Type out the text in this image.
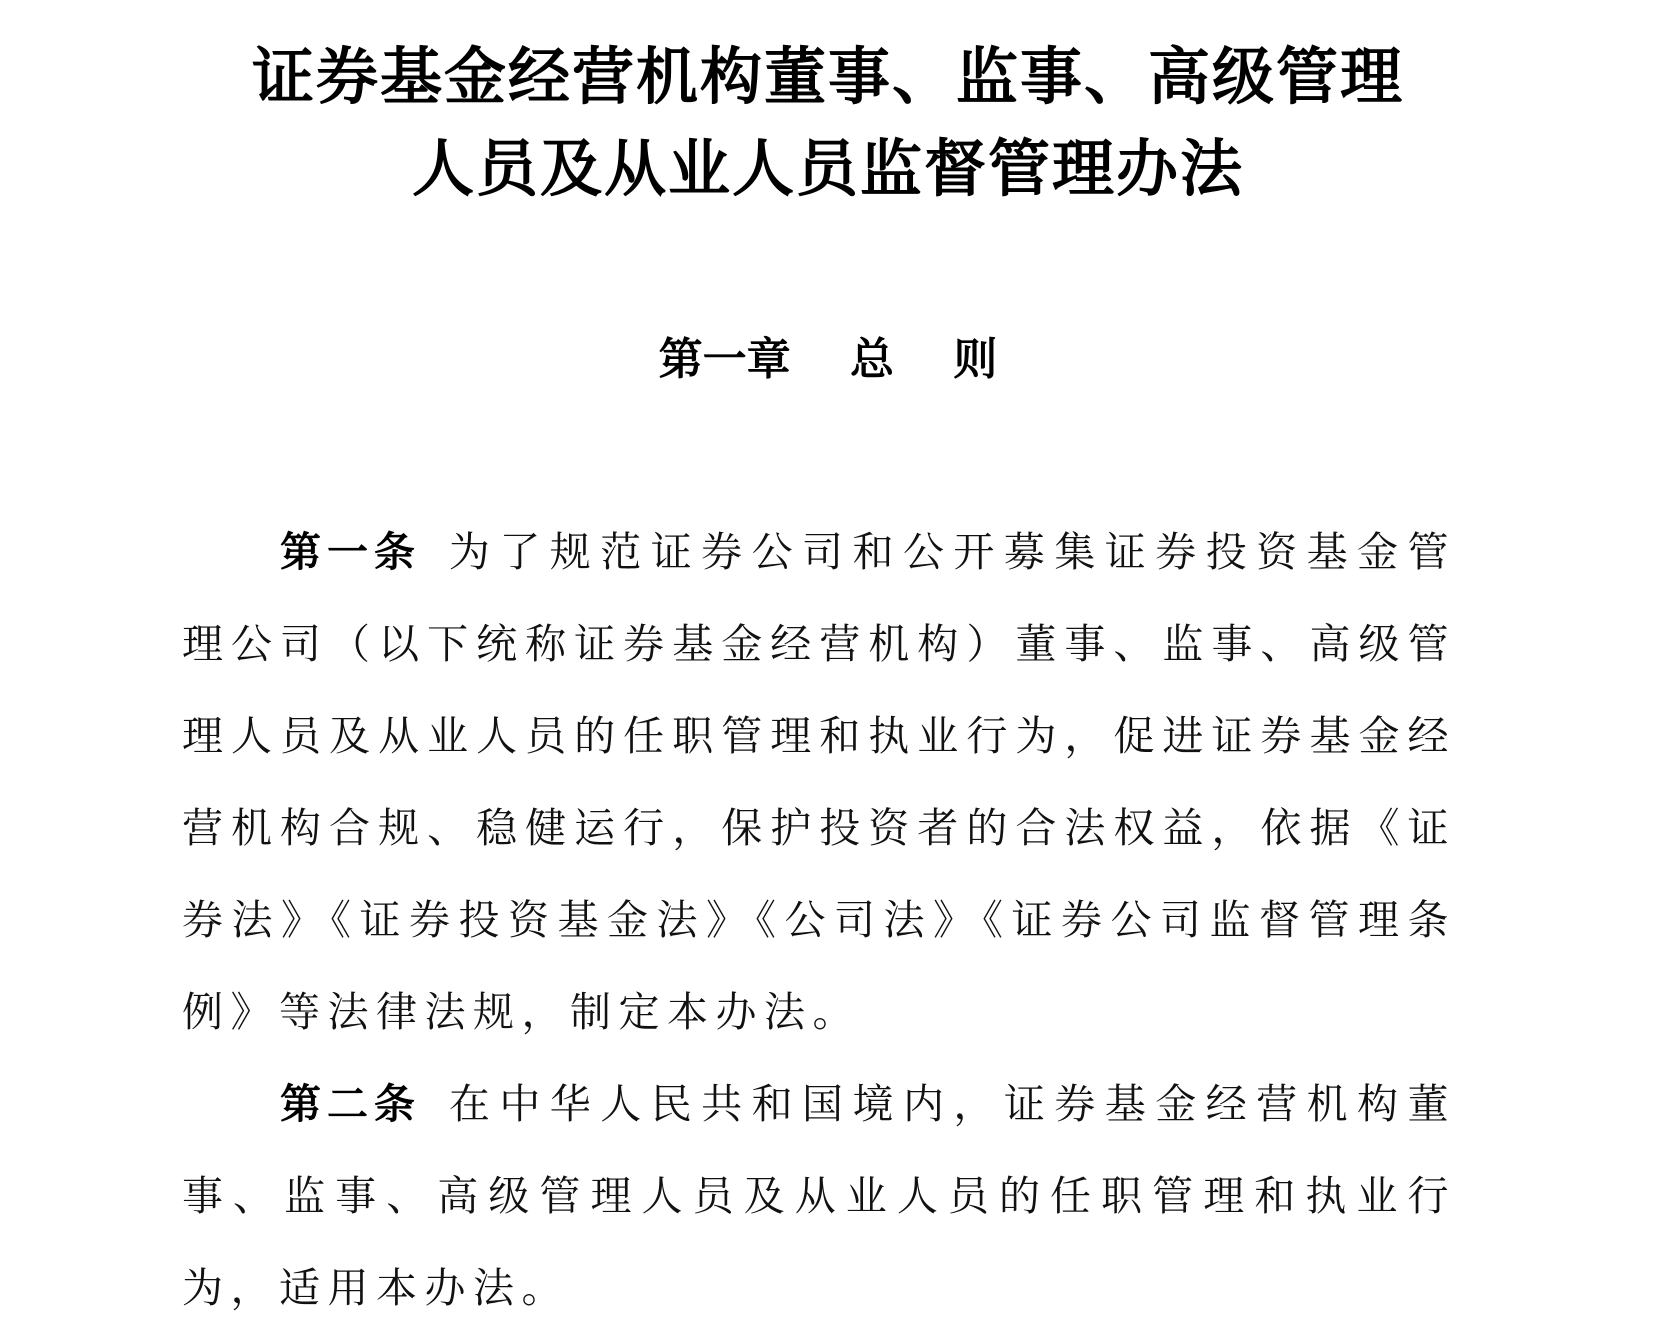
证券基金经营机构董事、监事、高级管理
人员及从业人员监督管理办法
第一章　 总　 则

第一条 为了规范证券公司和公开募集证券投资基金管理公司（以下统称证券基金经营机构）董事、监事、高级管理人员及从业人员的任职管理和执业行为，促进证券基金经营机构合规、稳健运行，保护投资者的合法权益，依据《证券法》《证券投资基金法》《公司法》《证券公司监督管理条例》等法律法规，制定本办法。

第二条 在中华人民共和国境内，证券基金经营机构董事、监事、高级管理人员及从业人员的任职管理和执业行为，适用本办法。
